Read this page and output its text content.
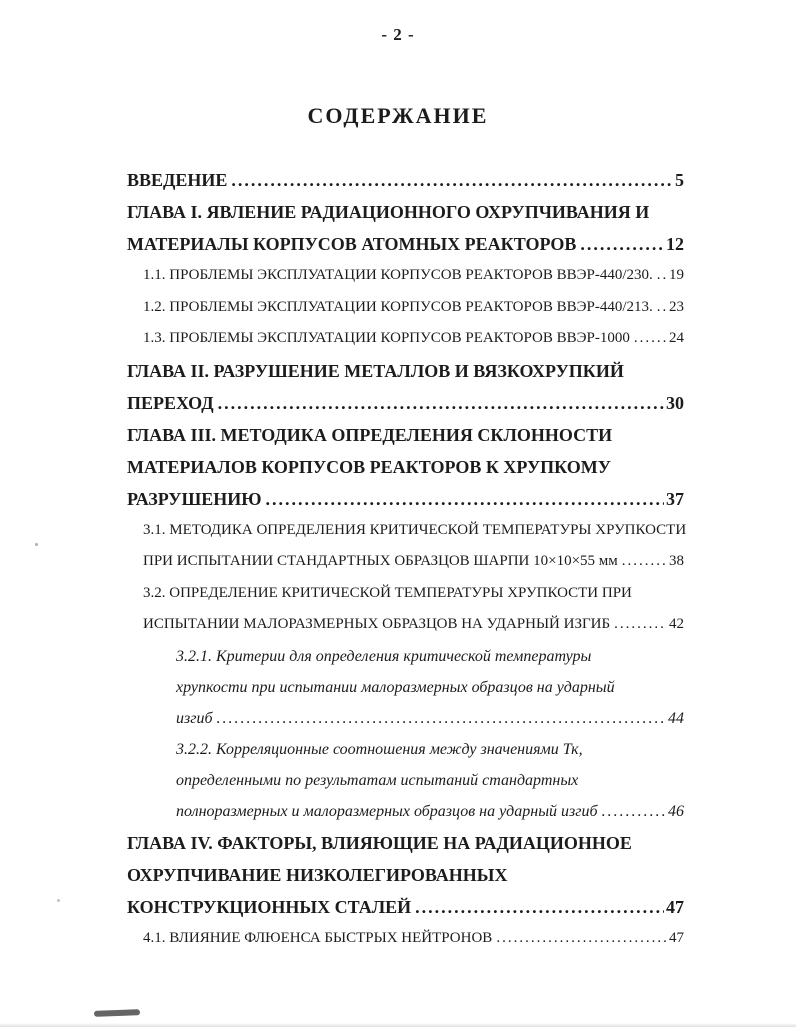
- 2 -
СОДЕРЖАНИЕ
ВВЕДЕНИЕ .....	5
ГЛАВА I. ЯВЛЕНИЕ РАДИАЦИОННОГО ОХРУПЧИВАНИЯ И
МАТЕРИАЛЫ КОРПУСОВ АТОМНЫХ РЕАКТОРОВ .....	12
1.1. ПРОБЛЕМЫ ЭКСПЛУАТАЦИИ КОРПУСОВ РЕАКТОРОВ ВВЭР-440/230. ..... 19
1.2. ПРОБЛЕМЫ ЭКСПЛУАТАЦИИ КОРПУСОВ РЕАКТОРОВ ВВЭР-440/213. ..... 23
1.3. ПРОБЛЕМЫ ЭКСПЛУАТАЦИИ КОРПУСОВ РЕАКТОРОВ ВВЭР-1000 .....	24
ГЛАВА II. РАЗРУШЕНИЕ МЕТАЛЛОВ И ВЯЗКОХРУПКИЙ
ПЕРЕХОД .....	30
ГЛАВА III. МЕТОДИКА ОПРЕДЕЛЕНИЯ СКЛОННОСТИ
МАТЕРИАЛОВ КОРПУСОВ РЕАКТОРОВ К ХРУПКОМУ
РАЗРУШЕНИЮ .....	37
3.1. МЕТОДИКА ОПРЕДЕЛЕНИЯ КРИТИЧЕСКОЙ ТЕМПЕРАТУРЫ ХРУПКОСТИ
ПРИ ИСПЫТАНИИ СТАНДАРТНЫХ ОБРАЗЦОВ ШАРПИ 10×10×55 мм .....	38
3.2. ОПРЕДЕЛЕНИЕ КРИТИЧЕСКОЙ ТЕМПЕРАТУРЫ ХРУПКОСТИ ПРИ
ИСПЫТАНИИ МАЛОРАЗМЕРНЫХ ОБРАЗЦОВ НА УДАРНЫЙ ИЗГИБ .....	42
3.2.1. Критерии для определения критической температуры
хрупкости при испытании малоразмерных образцов на ударный
изгиб .....	44
3.2.2. Корреляционные соотношения между значениями Тк,
определенными по результатам испытаний стандартных
полноразмерных и малоразмерных образцов на ударный изгиб .....	46
ГЛАВА IV. ФАКТОРЫ, ВЛИЯЮЩИЕ НА РАДИАЦИОННОЕ
ОХРУПЧИВАНИЕ НИЗКОЛЕГИРОВАННЫХ
КОНСТРУКЦИОННЫХ СТАЛЕЙ .....	47
4.1. ВЛИЯНИЕ ФЛЮЕНСА БЫСТРЫХ НЕЙТРОНОВ .....	47
